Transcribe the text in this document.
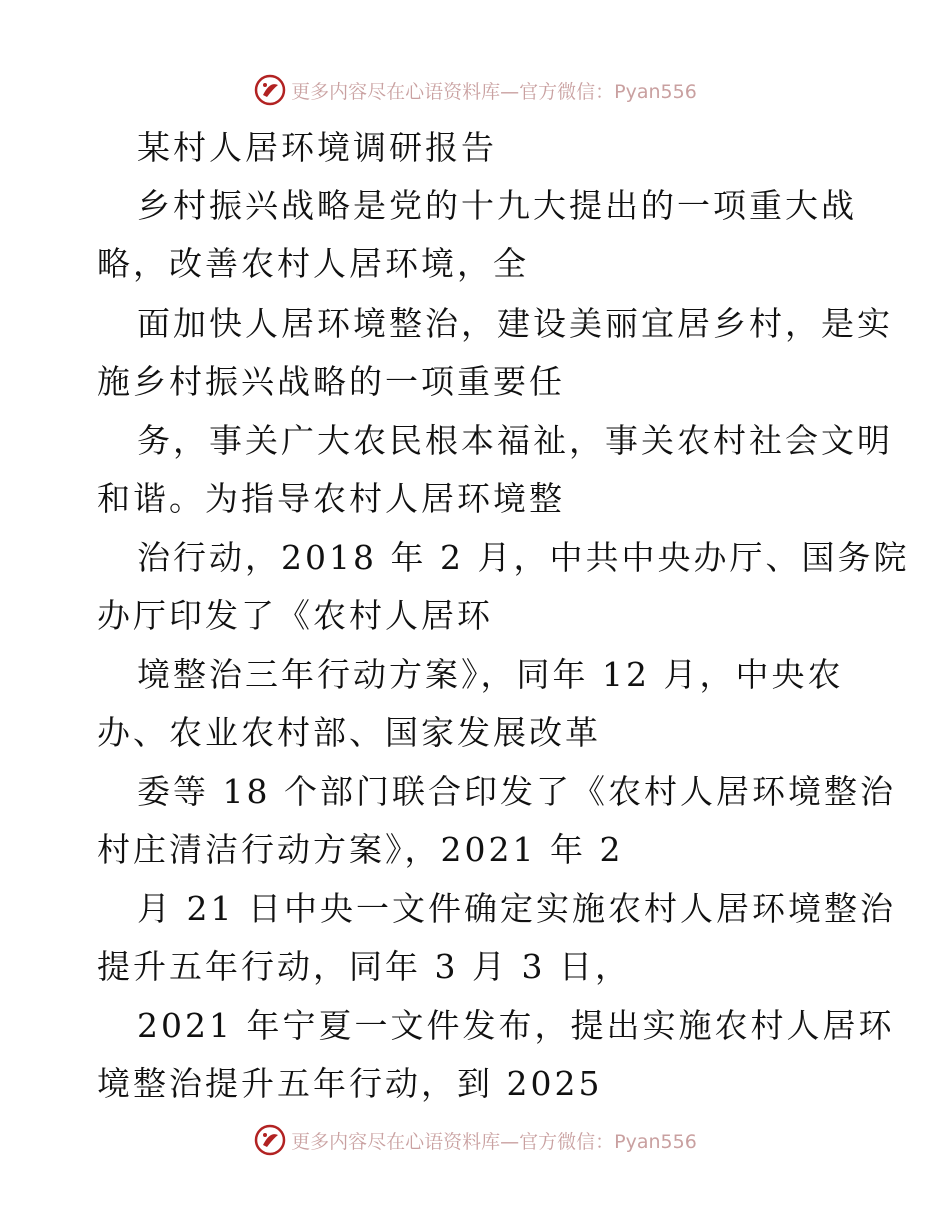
更多内容尽在心语资料库—官方微信：Pyan556
某村人居环境调研报告
乡村振兴战略是党的十九大提出的一项重大战
略，改善农村人居环境，全
面加快人居环境整治，建设美丽宜居乡村，是实
施乡村振兴战略的一项重要任
务，事关广大农民根本福祉，事关农村社会文明
和谐。为指导农村人居环境整
治行动，2018 年 2 月，中共中央办厅、国务院
办厅印发了《农村人居环
境整治三年行动方案》，同年 12 月，中央农
办、农业农村部、国家发展改革
委等 18 个部门联合印发了《农村人居环境整治
村庄清洁行动方案》，2021 年 2
月 21 日中央一文件确定实施农村人居环境整治
提升五年行动，同年 3 月 3 日，
2021 年宁夏一文件发布，提出实施农村人居环
境整治提升五年行动，到 2025
更多内容尽在心语资料库—官方微信：Pyan556
